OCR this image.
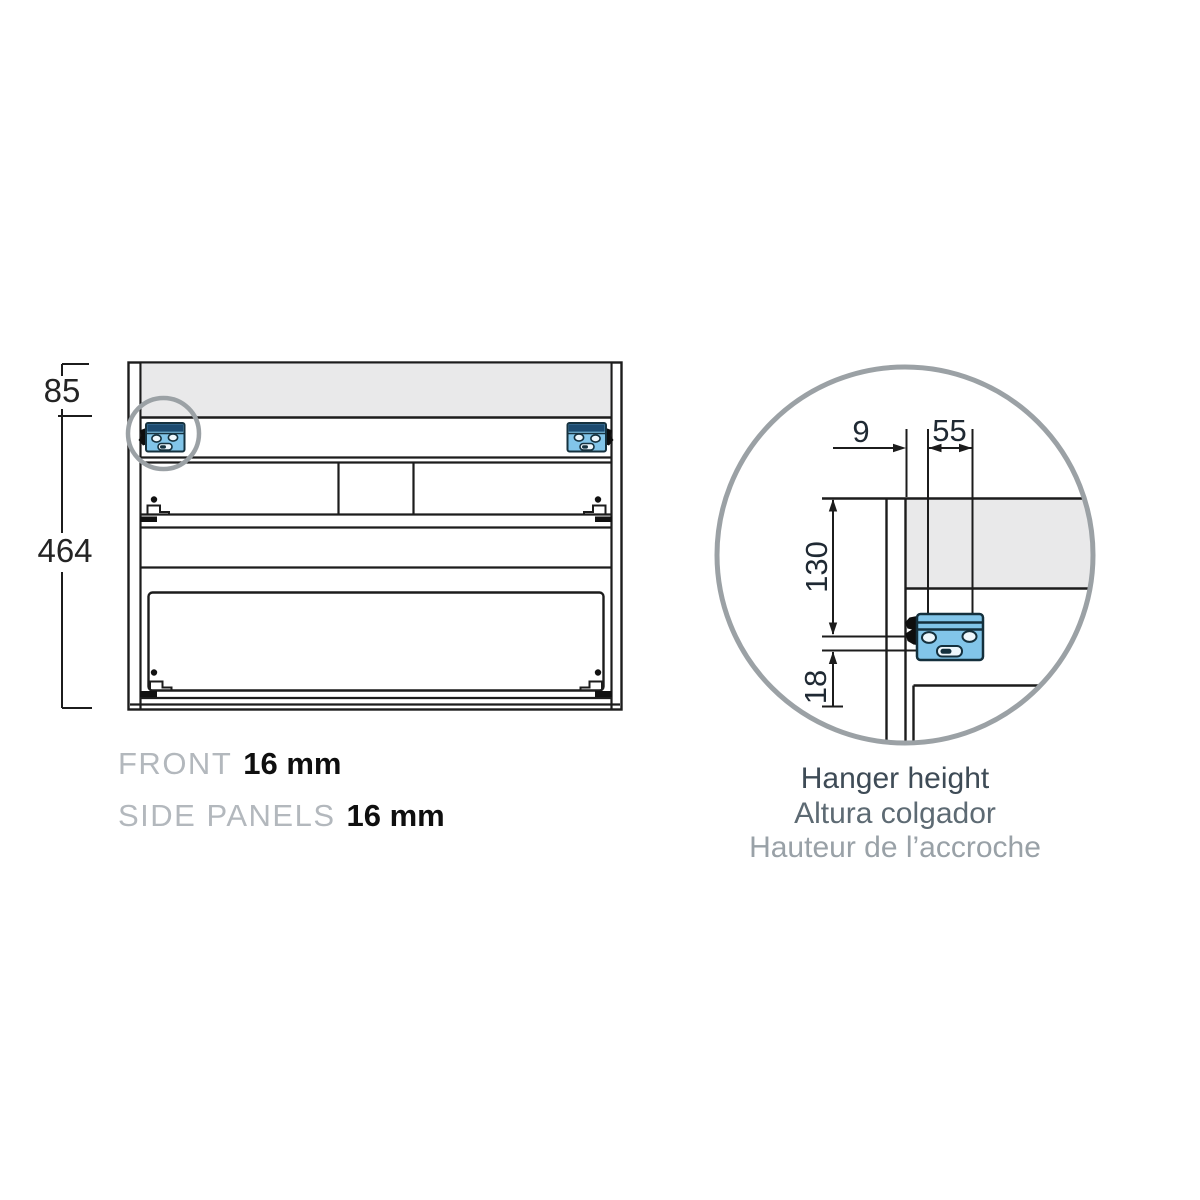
85
464
9 55
130
18
FRONT 16 mm
SIDE PANELS 16 mm
Hanger height
Altura colgador
Hauteur de l’accroche
